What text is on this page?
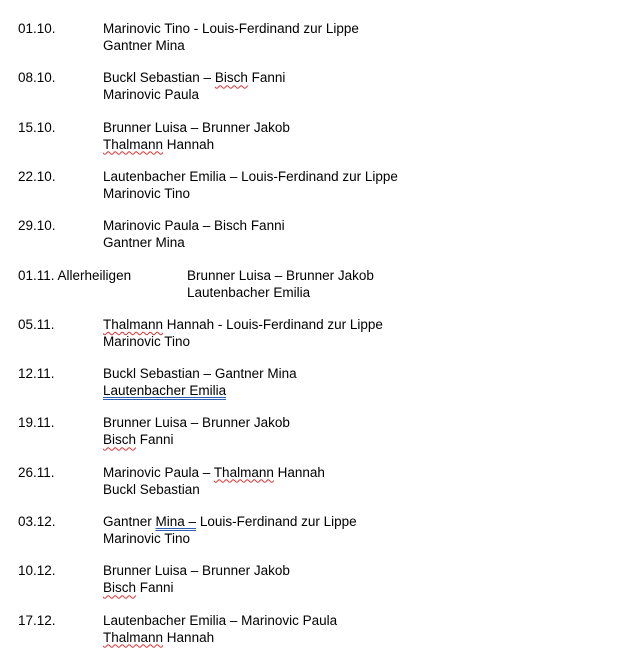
01.10.	Marinovic Tino - Louis-Ferdinand zur Lippe
Gantner Mina
08.10.	Buckl Sebastian – Bisch Fanni
Marinovic Paula
15.10.	Brunner Luisa – Brunner Jakob
Thalmann Hannah
22.10.	Lautenbacher Emilia – Louis-Ferdinand zur Lippe
Marinovic Tino
29.10.	Marinovic Paula – Bisch Fanni
Gantner Mina
01.11. Allerheiligen	Brunner Luisa – Brunner Jakob
Lautenbacher Emilia
05.11.	Thalmann Hannah - Louis-Ferdinand zur Lippe
Marinovic Tino
12.11.	Buckl Sebastian – Gantner Mina
Lautenbacher Emilia
19.11.	Brunner Luisa – Brunner Jakob
Bisch Fanni
26.11.	Marinovic Paula – Thalmann Hannah
Buckl Sebastian
03.12.	Gantner Mina – Louis-Ferdinand zur Lippe
Marinovic Tino
10.12.	Brunner Luisa – Brunner Jakob
Bisch Fanni
17.12.	Lautenbacher Emilia – Marinovic Paula
Thalmann Hannah
